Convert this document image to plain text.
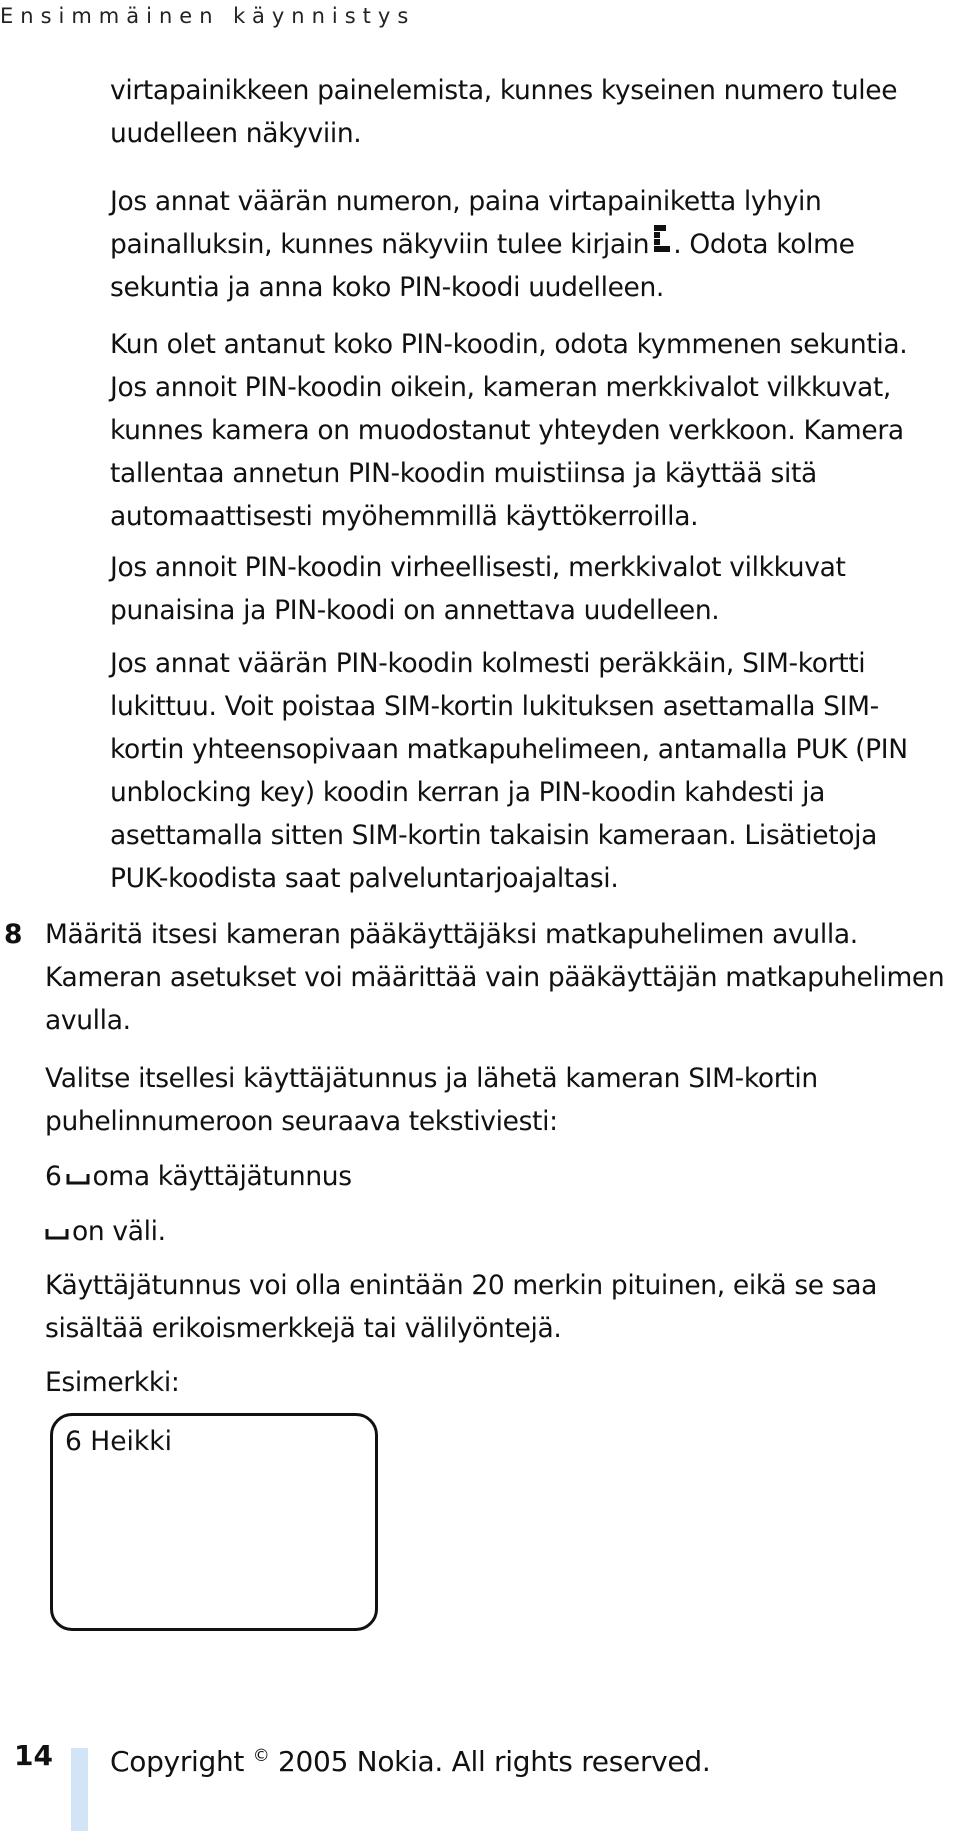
Ensimmäinen käynnistys

virtapainikkeen painelemista, kunnes kyseinen numero tulee
uudelleen näkyviin.

Jos annat väärän numeron, paina virtapainiketta lyhyin
painalluksin, kunnes näkyviin tulee kirjain . Odota kolme
sekuntia ja anna koko PIN-koodi uudelleen.

Kun olet antanut koko PIN-koodin, odota kymmenen sekuntia.
Jos annoit PIN-koodin oikein, kameran merkkivalot vilkkuvat,
kunnes kamera on muodostanut yhteyden verkkoon. Kamera
tallentaa annetun PIN-koodin muistiinsa ja käyttää sitä
automaattisesti myöhemmillä käyttökerroilla.

Jos annoit PIN-koodin virheellisesti, merkkivalot vilkkuvat
punaisina ja PIN-koodi on annettava uudelleen.

Jos annat väärän PIN-koodin kolmesti peräkkäin, SIM-kortti
lukittuu. Voit poistaa SIM-kortin lukituksen asettamalla SIM-
kortin yhteensopivaan matkapuhelimeen, antamalla PUK (PIN
unblocking key) koodin kerran ja PIN-koodin kahdesti ja
asettamalla sitten SIM-kortin takaisin kameraan. Lisätietoja
PUK-koodista saat palveluntarjoajaltasi.

8 Määritä itsesi kameran pääkäyttäjäksi matkapuhelimen avulla.
Kameran asetukset voi määrittää vain pääkäyttäjän matkapuhelimen
avulla.

Valitse itsellesi käyttäjätunnus ja lähetä kameran SIM-kortin
puhelinnumeroon seuraava tekstiviesti:

6 oma käyttäjätunnus

on väli.

Käyttäjätunnus voi olla enintään 20 merkin pituinen, eikä se saa
sisältää erikoismerkkejä tai välilyöntejä.

Esimerkki:

6 Heikki
14 Copyright © 2005 Nokia. All rights reserved.
